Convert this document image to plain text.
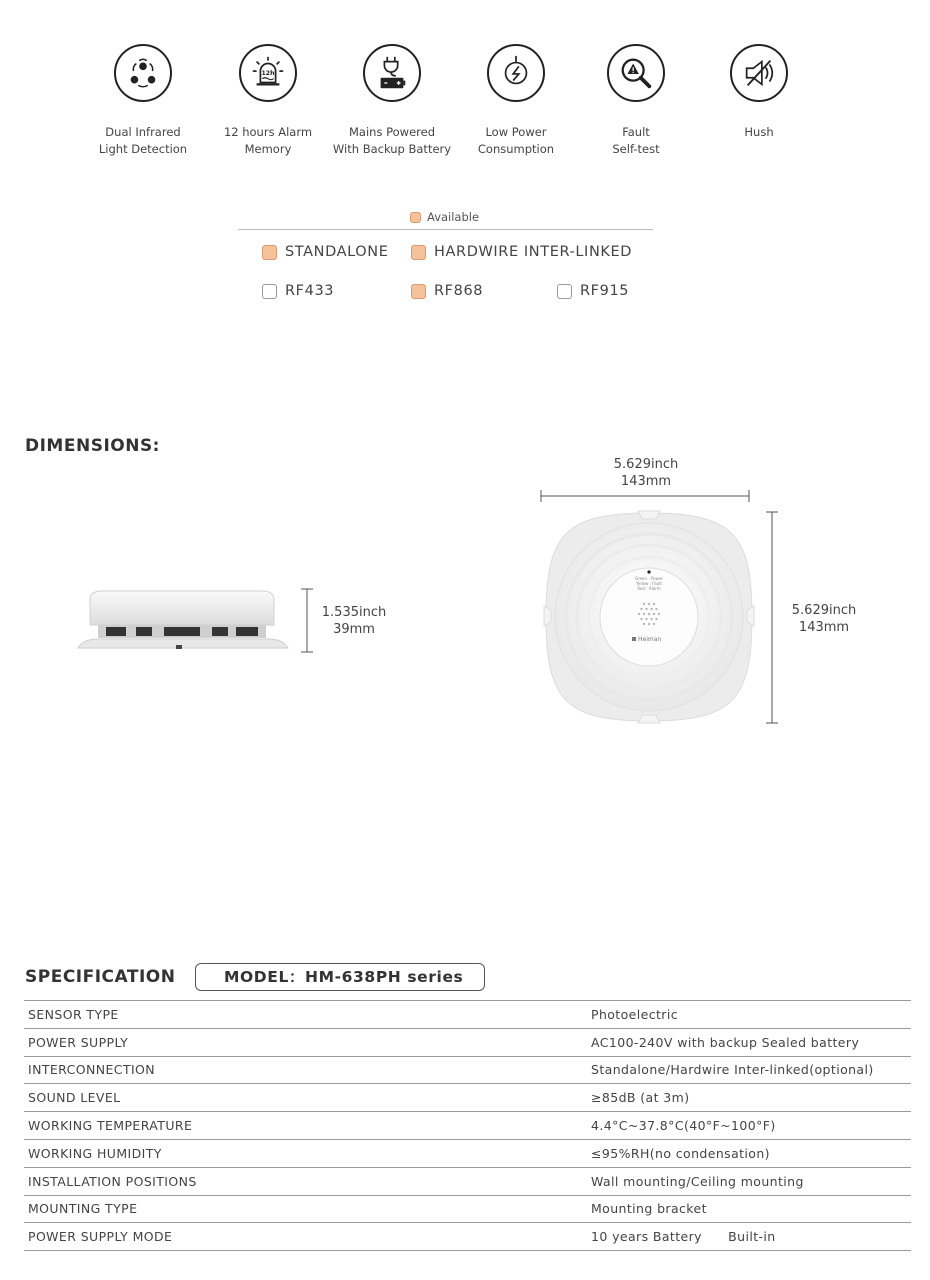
Dual Infrared
Light Detection
12h
12 hours Alarm
Memory
Mains Powered
With Backup Battery
Low Power
Consumption
Fault
Self-test
Hush
Available
STANDALONE	HARDWIRE INTER-LINKED
RF433	RF868	RF915
DIMENSIONS:
1.535inch
39mm
5.629inch
143mm
Green : Power
Yellow : Fault
Red : Alarm
Heiman
5.629inch
143mm
SPECIFICATION	MODEL：HM-638PH series
SENSOR TYPE	Photoelectric
POWER SUPPLY	AC100-240V with backup Sealed battery
INTERCONNECTION	Standalone/Hardwire Inter-linked(optional)
SOUND LEVEL	≥85dB (at 3m)
WORKING TEMPERATURE	4.4°C~37.8°C(40°F~100°F)
WORKING HUMIDITY	≤95%RH(no condensation)
INSTALLATION POSITIONS	Wall mounting/Ceiling mounting
MOUNTING TYPE	Mounting bracket
POWER SUPPLY MODE	10 years Battery      Built-in
